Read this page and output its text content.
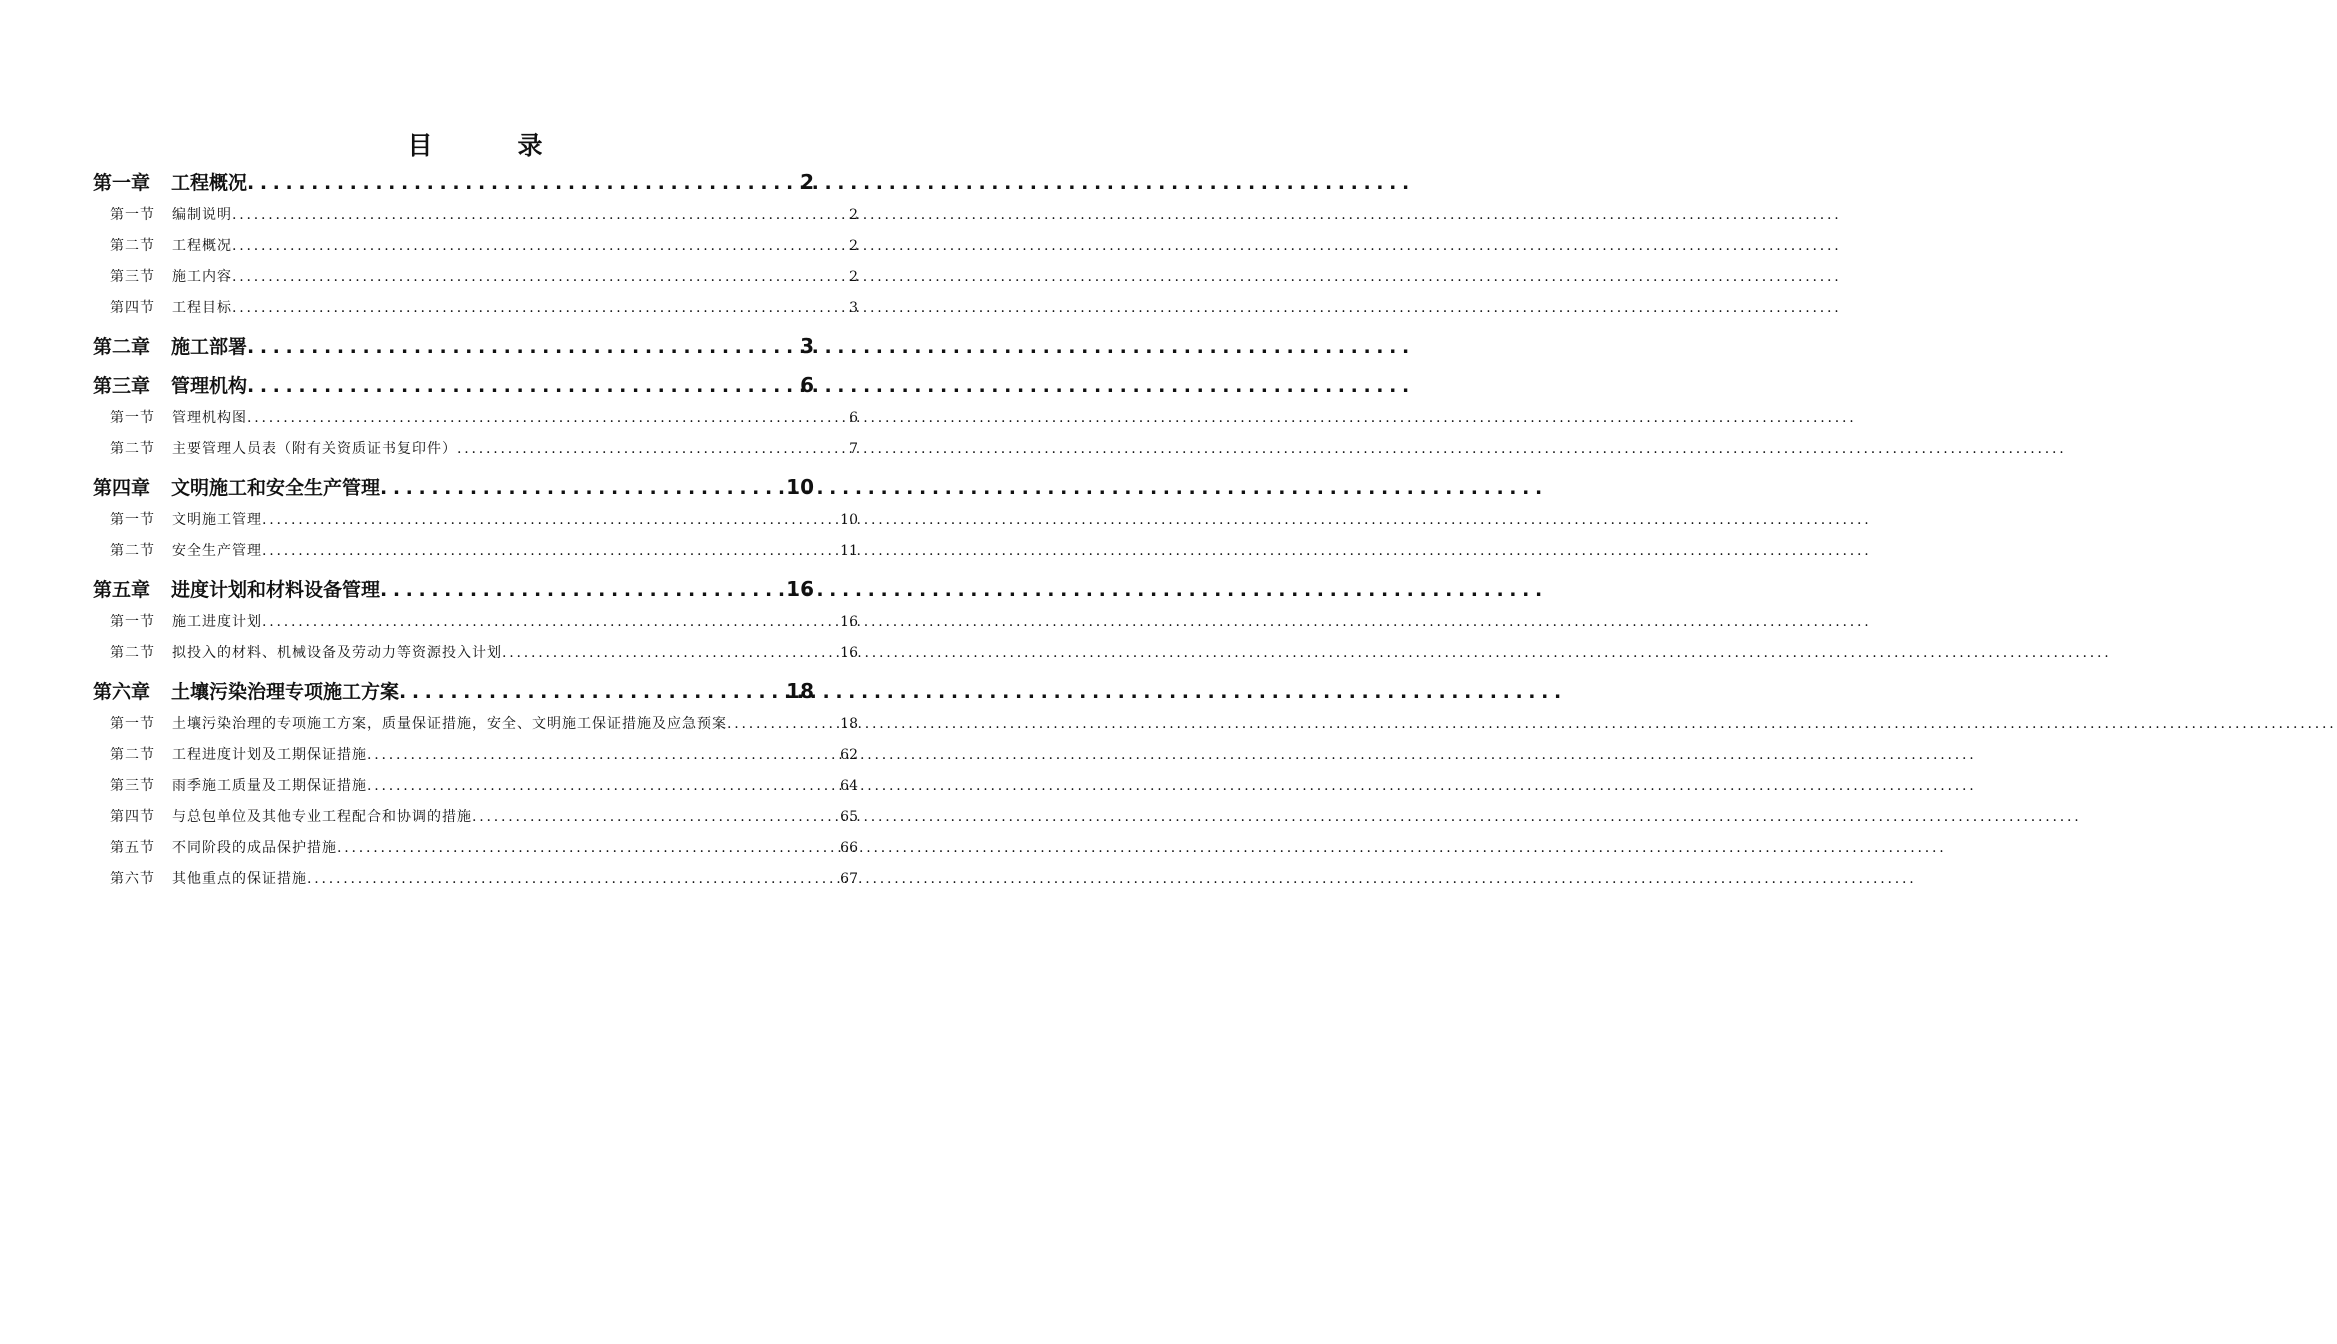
目　录
第一章	工程概况 . . .	2
第一节	编制说明 .....	2
第二节	工程概况 .....	2
第三节	施工内容 .....	2
第四节	工程目标 .....	3
第二章	施工部署 . . .	3
第三章	管理机构 . . .	6
第一节	管理机构图 .....	6
第二节	主要管理人员表（附有关资质证书复印件） .....	7
第四章	文明施工和安全生产管理 . . .	10
第一节	文明施工管理 .....	10
第二节	安全生产管理 .....	11
第五章	进度计划和材料设备管理 . . .	16
第一节	施工进度计划 .....	16
第二节	拟投入的材料、机械设备及劳动力等资源投入计划 .....	16
第六章	土壤污染治理专项施工方案 . . .	18
第一节	土壤污染治理的专项施工方案，质量保证措施，安全、文明施工保证措施及应急预案 .....	18
第二节	工程进度计划及工期保证措施 .....	62
第三节	雨季施工质量及工期保证措施 .....	64
第四节	与总包单位及其他专业工程配合和协调的措施 .....	65
第五节	不同阶段的成品保护措施 .....	66
第六节	其他重点的保证措施 .....	67
